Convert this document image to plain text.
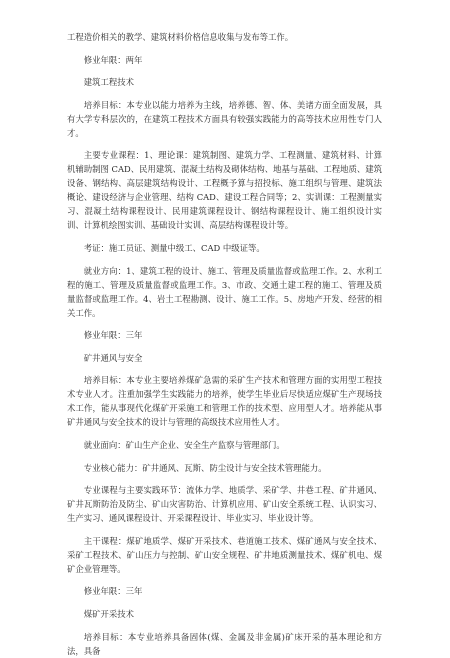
工程造价相关的教学、建筑材料价格信息收集与发布等工作。

修业年限：两年

建筑工程技术

培养目标：本专业以能力培养为主线，培养德、智、体、美诸方面全面发展，具有大学专科层次的，在建筑工程技术方面具有较强实践能力的高等技术应用性专门人才。

主要专业课程：1、理论课：建筑制图、建筑力学、工程测量、建筑材料、计算机辅助制图 CAD、民用建筑、混凝土结构及砌体结构、地基与基础、工程地质、建筑设备、钢结构、高层建筑结构设计、工程概予算与招投标、施工组织与管理、建筑法概论、建设经济与企业管理、结构 CAD、建设工程合同等；2、实训课：工程测量实习、混凝土结构课程设计、民用建筑课程设计、钢结构课程设计、施工组织设计实训、计算机绘图实训、基础设计实训、高层结构课程设计等。

考证：施工员证、测量中级工、CAD 中级证等。

就业方向：1、建筑工程的设计、施工、管理及质量监督或监理工作。2、水利工程的施工、管理及质量监督或监理工作。3、市政、交通土建工程的施工、管理及质量监督或监理工作。4、岩土工程勘测、设计、施工工作。5、房地产开发、经营的相关工作。

修业年限：三年

矿井通风与安全

培养目标：本专业主要培养煤矿急需的采矿生产技术和管理方面的实用型工程技术专业人才。注重加强学生实践能力的培养，使学生毕业后尽快适应煤矿生产现场技术工作，能从事现代化煤矿开采施工和管理工作的技术型、应用型人才。培养能从事矿井通风与安全技术的设计与管理的高级技术应用性人才。

就业面向：矿山生产企业、安全生产监察与管理部门。

专业核心能力：矿井通风、瓦斯、防尘设计与安全技术管理能力。

专业课程与主要实践环节：流体力学、地质学、采矿学、井巷工程、矿井通风、矿井瓦斯防治及防尘、矿山灾害防治、计算机应用、矿山安全系统工程、认识实习、生产实习、通风课程设计、开采课程设计、毕业实习、毕业设计等。

主干课程：煤矿地质学、煤矿开采技术、巷道施工技术、煤矿通风与安全技术、采矿工程技术、矿山压力与控制、矿山安全规程、矿井地质测量技术、煤矿机电、煤矿企业管理等。

修业年限：三年

煤矿开采技术

培养目标：本专业培养具备固体(煤、金属及非金属)矿床开采的基本理论和方法，具备
